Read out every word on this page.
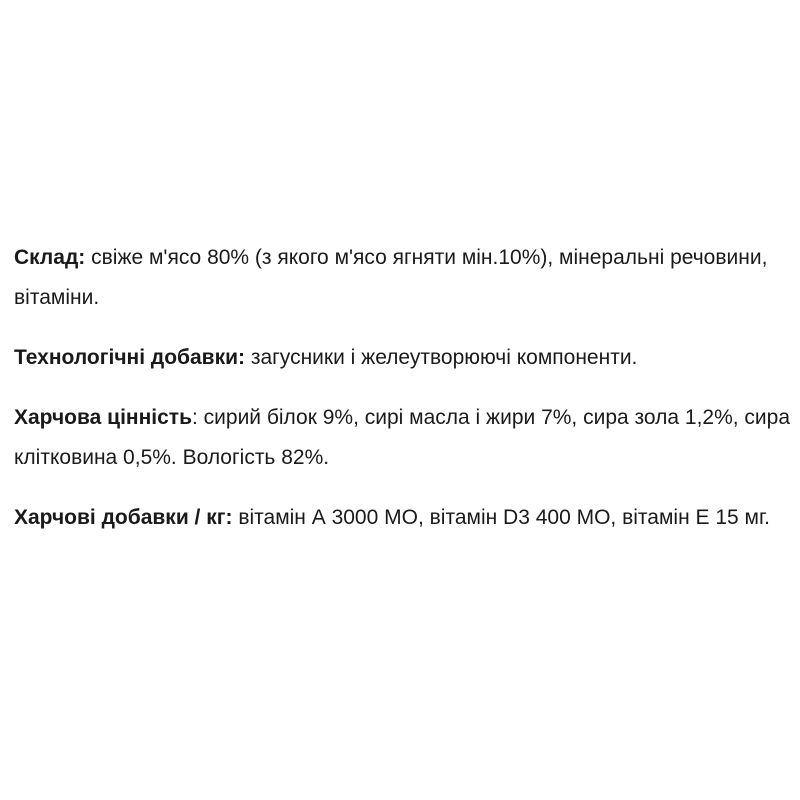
Склад: свіже м'ясо 80% (з якого м'ясо ягняти мін.10%), мінеральні речовини, вітаміни.

Технологічні добавки: загусники і желеутворюючі компоненти.

Харчова цінність: сирий білок 9%, сирі масла і жири 7%, сира зола 1,2%, сира клітковина 0,5%. Вологість 82%.

Харчові добавки / кг: вітамін А 3000 МО, вітамін D3 400 МО, вітамін Е 15 мг.
